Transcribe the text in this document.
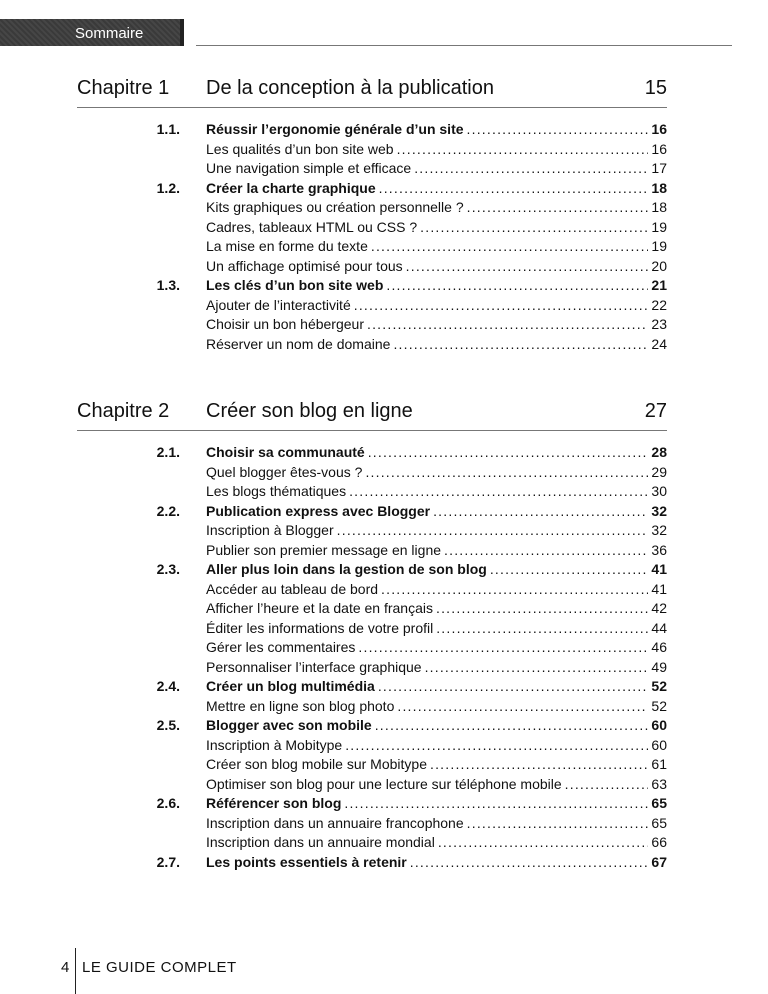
Sommaire
Chapitre 1 De la conception à la publication	15
1.1. Réussir l’ergonomie générale d’un site .....	16
Les qualités d’un bon site web .....	16
Une navigation simple et efficace .....	17
1.2. Créer la charte graphique .....	18
Kits graphiques ou création personnelle ? .....	18
Cadres, tableaux HTML ou CSS ? .....	19
La mise en forme du texte .....	19
Un affichage optimisé pour tous .....	20
1.3. Les clés d’un bon site web .....	21
Ajouter de l’interactivité .....	22
Choisir un bon hébergeur .....	23
Réserver un nom de domaine .....	24
Chapitre 2 Créer son blog en ligne	27
2.1. Choisir sa communauté .....	28
Quel blogger êtes-vous ? .....	29
Les blogs thématiques .....	30
2.2. Publication express avec Blogger .....	32
Inscription à Blogger .....	32
Publier son premier message en ligne .....	36
2.3. Aller plus loin dans la gestion de son blog .....	41
Accéder au tableau de bord .....	41
Afficher l’heure et la date en français .....	42
Éditer les informations de votre profil .....	44
Gérer les commentaires .....	46
Personnaliser l’interface graphique .....	49
2.4. Créer un blog multimédia .....	52
Mettre en ligne son blog photo .....	52
2.5. Blogger avec son mobile .....	60
Inscription à Mobitype .....	60
Créer son blog mobile sur Mobitype .....	61
Optimiser son blog pour une lecture sur téléphone mobile .....	63
2.6. Référencer son blog .....	65
Inscription dans un annuaire francophone .....	65
Inscription dans un annuaire mondial .....	66
2.7. Les points essentiels à retenir .....	67
4 LE GUIDE COMPLET
